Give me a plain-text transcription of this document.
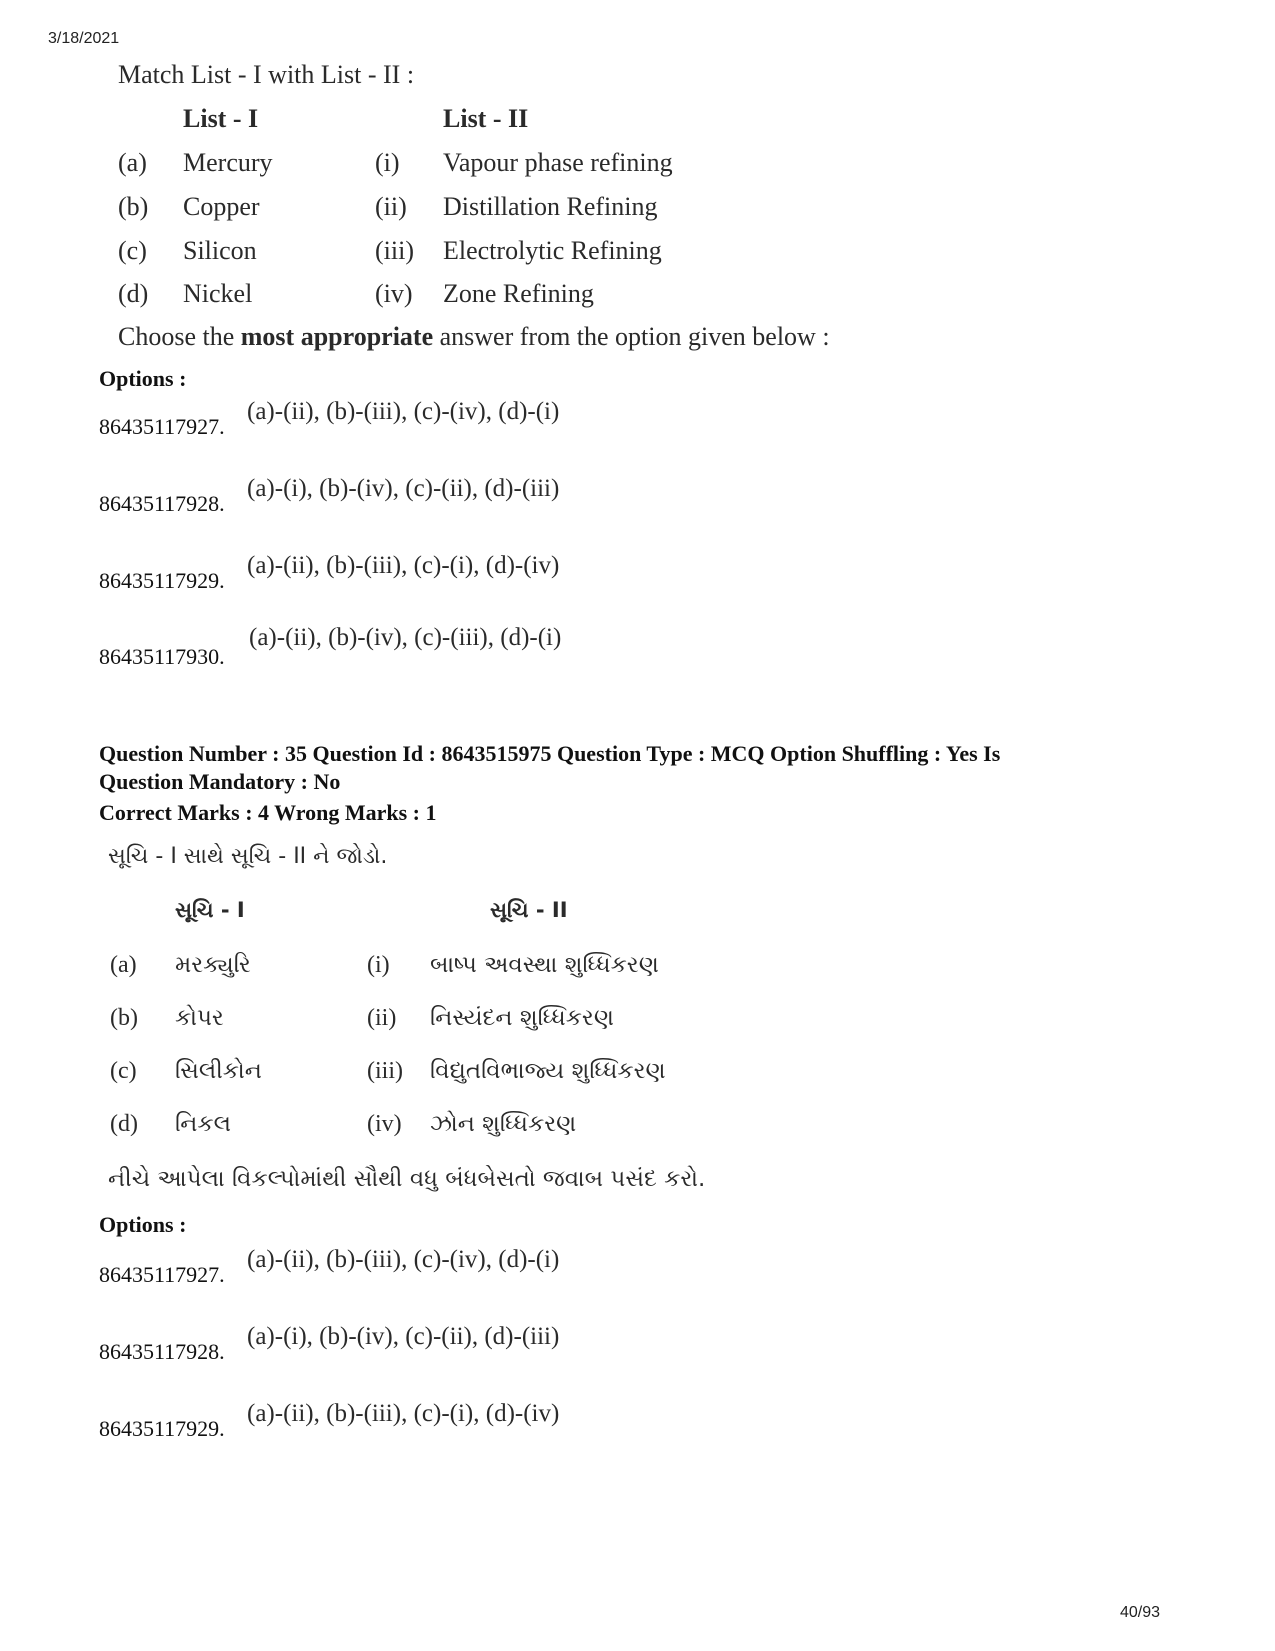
3/18/2021
Match List - I with List - II :
List - I	List - II
(a) Mercury	(i) Vapour phase refining
(b) Copper	(ii) Distillation Refining
(c) Silicon	(iii) Electrolytic Refining
(d) Nickel	(iv) Zone Refining
Choose the most appropriate answer from the option given below :
Options :
86435117927.
(a)-(ii), (b)-(iii), (c)-(iv), (d)-(i)
86435117928.
(a)-(i), (b)-(iv), (c)-(ii), (d)-(iii)
86435117929.
(a)-(ii), (b)-(iii), (c)-(i), (d)-(iv)
86435117930.
(a)-(ii), (b)-(iv), (c)-(iii), (d)-(i)
Question Number : 35 Question Id : 8643515975 Question Type : MCQ Option Shuffling : Yes Is
Question Mandatory : No
Correct Marks : 4 Wrong Marks : 1
સૂચિ - I સાથે સૂચિ - II ને જોડો.
સૂચિ - I	સૂચિ - II
(a) મરક્યુરિ	(i) બાષ્પ અવસ્થા શુધ્ધિકરણ
(b) કોપર	(ii) નિસ્યંદન શુધ્ધિકરણ
(c) સિલીકોન	(iii) વિદ્યુતવિભાજ્ય શુધ્ધિકરણ
(d) નિકલ	(iv) ઝોન શુધ્ધિકરણ
નીચે આપેલા વિકલ્પોમાંથી સૌથી વધુ બંધબેસતો જવાબ પસંદ કરો.
Options :
86435117927.
(a)-(ii), (b)-(iii), (c)-(iv), (d)-(i)
86435117928.
(a)-(i), (b)-(iv), (c)-(ii), (d)-(iii)
86435117929.
(a)-(ii), (b)-(iii), (c)-(i), (d)-(iv)
40/93
